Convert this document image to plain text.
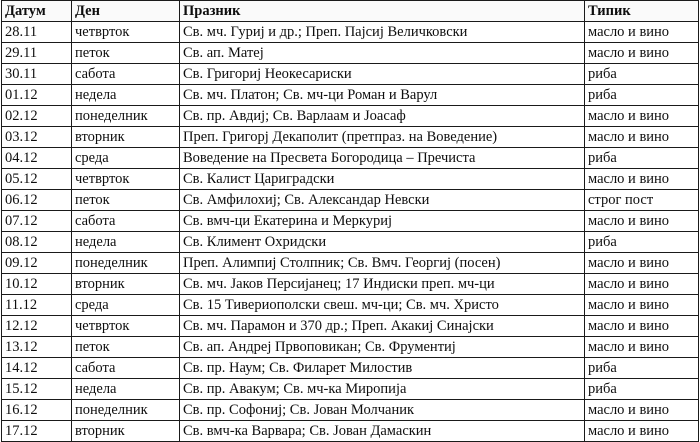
Датум	Ден	Празник	Типик
28.11	четврток	Св. мч. Гуриј и др.; Преп. Пајсиј Величковски	масло и вино
29.11	петок	Св. ап. Матеј	масло и вино
30.11	сабота	Св. Григориј Неокесариски	риба
01.12	недела	Св. мч. Платон; Св. мч-ци Роман и Варул	риба
02.12	понеделник	Св. пр. Авдиј; Св. Варлаам и Јоасаф	масло и вино
03.12	вторник	Преп. Григорј Декаполит (претпраз. на Воведение)	масло и вино
04.12	среда	Воведение на Пресвета Богородица – Пречиста	риба
05.12	четврток	Св. Калист Цариградски	масло и вино
06.12	петок	Св. Амфилохиј; Св. Александар Невски	строг пост
07.12	сабота	Св. вмч-ци Екатерина и Меркуриј	масло и вино
08.12	недела	Св. Климент Охридски	риба
09.12	понеделник	Преп. Алимпиј Столпник; Св. Вмч. Георгиј (посен)	масло и вино
10.12	вторник	Св. мч. Јаков Персијанец; 17 Индиски преп. мч-ци	масло и вино
11.12	среда	Св. 15 Тивериополски свеш. мч-ци; Св. мч. Христо	масло и вино
12.12	четврток	Св. мч. Парамон и 370 др.; Преп. Акакиј Синајски	масло и вино
13.12	петок	Св. ап. Андреј Првоповикан; Св. Фрументиј	масло и вино
14.12	сабота	Св. пр. Наум; Св. Филарет Милостив	риба
15.12	недела	Св. пр. Авакум; Св. мч-ка Миропија	риба
16.12	понеделник	Св. пр. Софониј; Св. Јован Молчаник	масло и вино
17.12	вторник	Св. вмч-ка Варвара; Св. Јован Дамаскин	масло и вино
